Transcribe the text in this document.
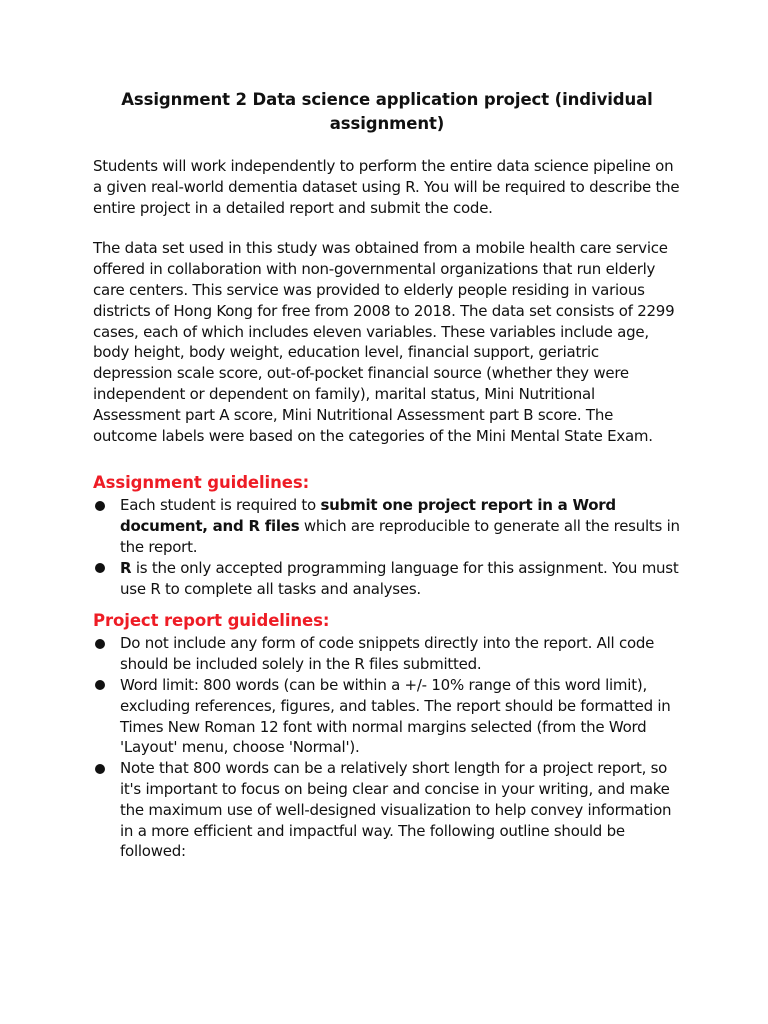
Assignment 2 Data science application project (individual assignment)

Students will work independently to perform the entire data science pipeline on a given real-world dementia dataset using R. You will be required to describe the entire project in a detailed report and submit the code.

The data set used in this study was obtained from a mobile health care service offered in collaboration with non-governmental organizations that run elderly care centers. This service was provided to elderly people residing in various districts of Hong Kong for free from 2008 to 2018. The data set consists of 2299 cases, each of which includes eleven variables. These variables include age, body height, body weight, education level, financial support, geriatric depression scale score, out-of-pocket financial source (whether they were independent or dependent on family), marital status, Mini Nutritional Assessment part A score, Mini Nutritional Assessment part B score. The outcome labels were based on the categories of the Mini Mental State Exam.

Assignment guidelines:
Each student is required to submit one project report in a Word document, and R files which are reproducible to generate all the results in the report.
R is the only accepted programming language for this assignment. You must use R to complete all tasks and analyses.
Project report guidelines:
Do not include any form of code snippets directly into the report. All code should be included solely in the R files submitted.
Word limit: 800 words (can be within a +/- 10% range of this word limit), excluding references, figures, and tables. The report should be formatted in Times New Roman 12 font with normal margins selected (from the Word 'Layout' menu, choose 'Normal').
Note that 800 words can be a relatively short length for a project report, so it's important to focus on being clear and concise in your writing, and make the maximum use of well-designed visualization to help convey information in a more efficient and impactful way. The following outline should be followed:
